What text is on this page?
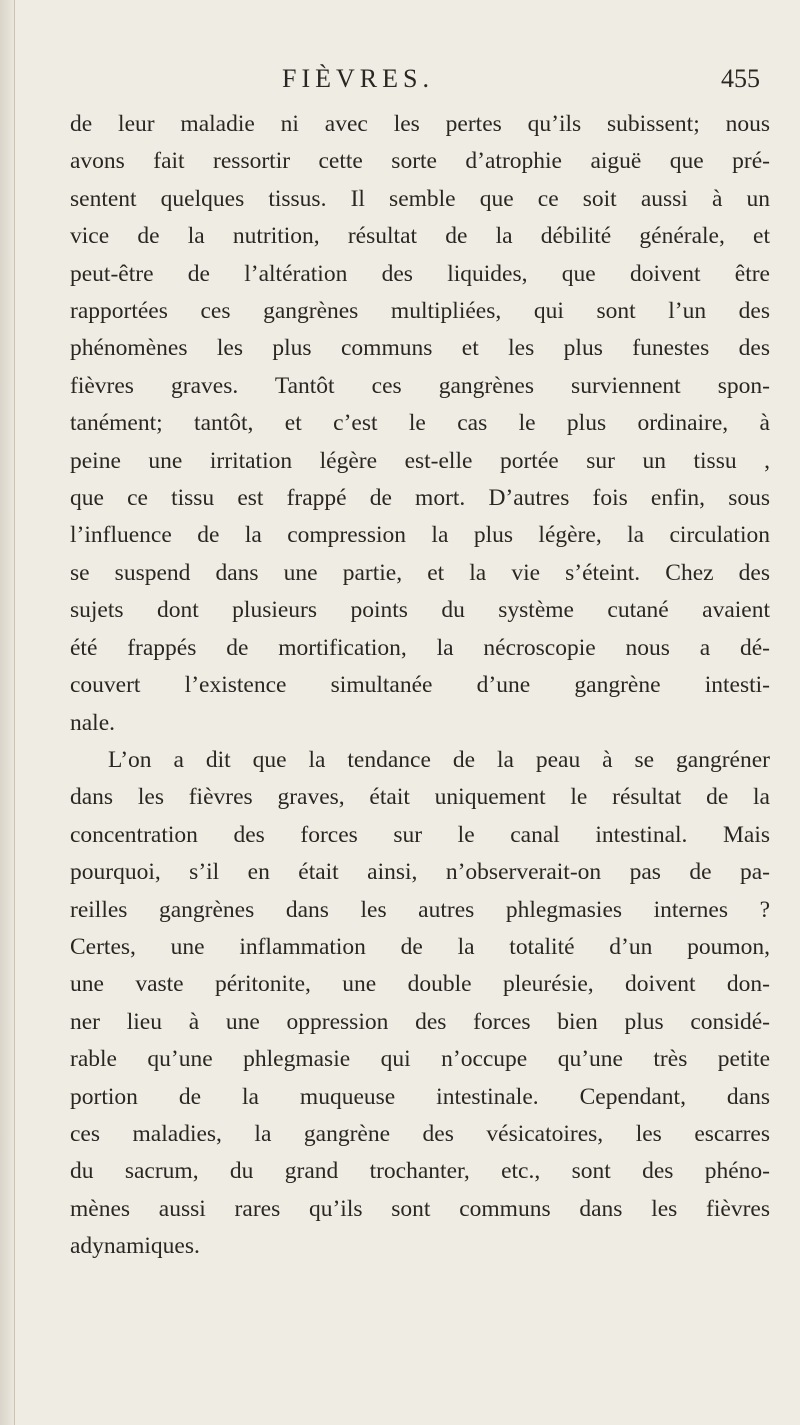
FIÈVRES.	455
de leur maladie ni avec les pertes qu’ils subissent; nous
avons fait ressortir cette sorte d’atrophie aiguë que pré-
sentent quelques tissus. Il semble que ce soit aussi à un
vice de la nutrition, résultat de la débilité générale, et
peut-être de l’altération des liquides, que doivent être
rapportées ces gangrènes multipliées, qui sont l’un des
phénomènes les plus communs et les plus funestes des
fièvres graves. Tantôt ces gangrènes surviennent spon-
tanément; tantôt, et c’est le cas le plus ordinaire, à
peine une irritation légère est-elle portée sur un tissu ,
que ce tissu est frappé de mort. D’autres fois enfin, sous
l’influence de la compression la plus légère, la circulation
se suspend dans une partie, et la vie s’éteint. Chez des
sujets dont plusieurs points du système cutané avaient
été frappés de mortification, la nécroscopie nous a dé-
couvert l’existence simultanée d’une gangrène intesti-
nale.
L’on a dit que la tendance de la peau à se gangréner
dans les fièvres graves, était uniquement le résultat de la
concentration des forces sur le canal intestinal. Mais
pourquoi, s’il en était ainsi, n’observerait-on pas de pa-
reilles gangrènes dans les autres phlegmasies internes ?
Certes, une inflammation de la totalité d’un poumon,
une vaste péritonite, une double pleurésie, doivent don-
ner lieu à une oppression des forces bien plus considé-
rable qu’une phlegmasie qui n’occupe qu’une très petite
portion de la muqueuse intestinale. Cependant, dans
ces maladies, la gangrène des vésicatoires, les escarres
du sacrum, du grand trochanter, etc., sont des phéno-
mènes aussi rares qu’ils sont communs dans les fièvres
adynamiques.
